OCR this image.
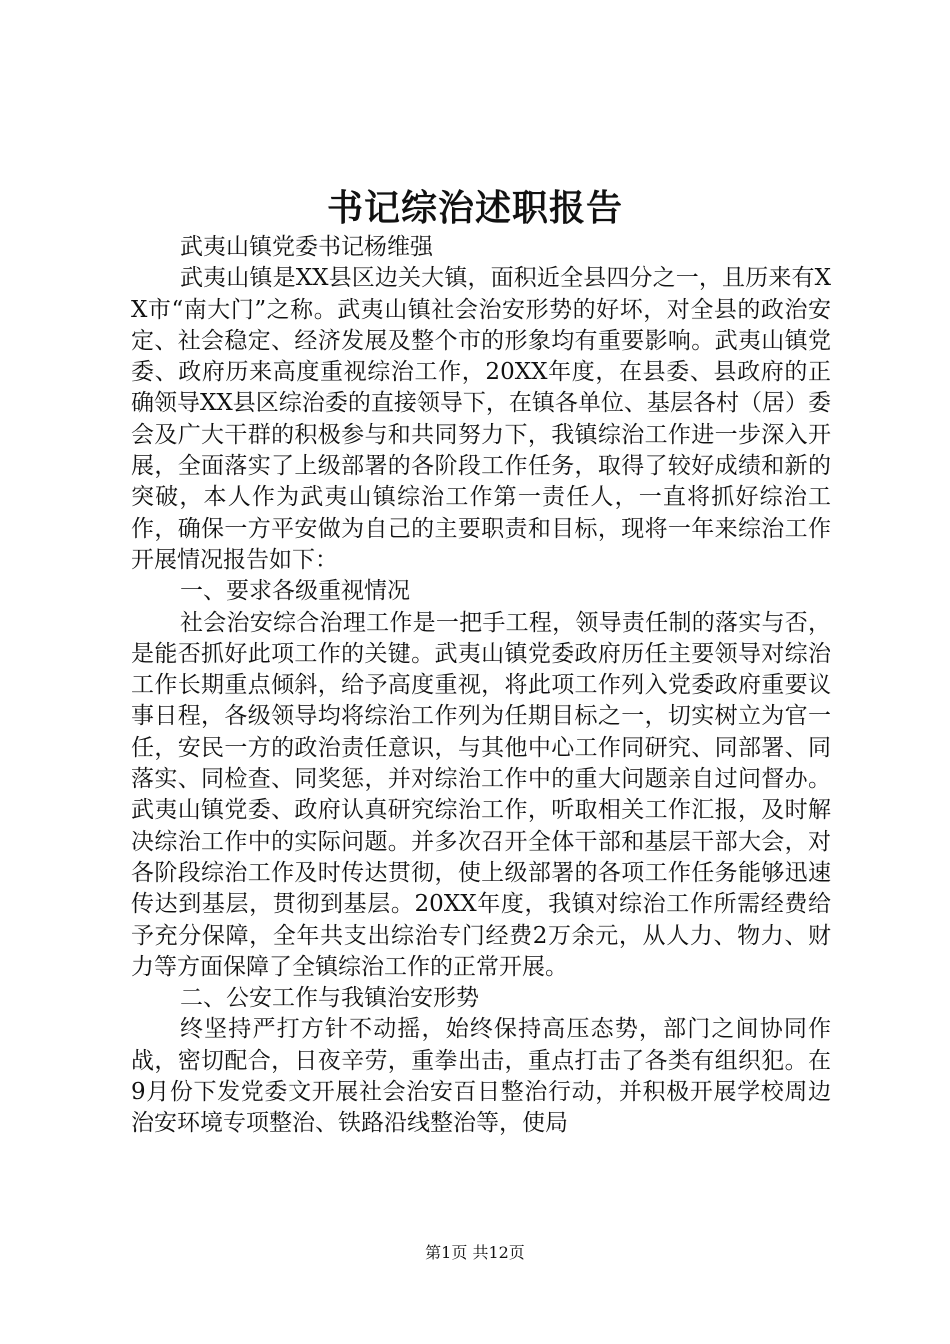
书记综治述职报告

武夷山镇党委书记杨维强

武夷山镇是XX县区边关大镇，面积近全县四分之一，且历来有XX市“南大门”之称。武夷山镇社会治安形势的好坏，对全县的政治安定、社会稳定、经济发展及整个市的形象均有重要影响。武夷山镇党委、政府历来高度重视综治工作，20XX年度，在县委、县政府的正确领导XX县区综治委的直接领导下，在镇各单位、基层各村（居）委会及广大干群的积极参与和共同努力下，我镇综治工作进一步深入开展，全面落实了上级部署的各阶段工作任务，取得了较好成绩和新的突破，本人作为武夷山镇综治工作第一责任人，一直将抓好综治工作，确保一方平安做为自己的主要职责和目标，现将一年来综治工作开展情况报告如下：

一、要求各级重视情况

社会治安综合治理工作是一把手工程，领导责任制的落实与否，是能否抓好此项工作的关键。武夷山镇党委政府历任主要领导对综治工作长期重点倾斜，给予高度重视，将此项工作列入党委政府重要议事日程，各级领导均将综治工作列为任期目标之一，切实树立为官一任，安民一方的政治责任意识，与其他中心工作同研究、同部署、同落实、同检查、同奖惩，并对综治工作中的重大问题亲自过问督办。武夷山镇党委、政府认真研究综治工作，听取相关工作汇报，及时解决综治工作中的实际问题。并多次召开全体干部和基层干部大会，对各阶段综治工作及时传达贯彻，使上级部署的各项工作任务能够迅速传达到基层，贯彻到基层。20XX年度，我镇对综治工作所需经费给予充分保障，全年共支出综治专门经费2万余元，从人力、物力、财力等方面保障了全镇综治工作的正常开展。

二、公安工作与我镇治安形势

终坚持严打方针不动摇，始终保持高压态势，部门之间协同作战，密切配合，日夜辛劳，重拳出击，重点打击了各类有组织犯。在9月份下发党委文开展社会治安百日整治行动，并积极开展学校周边治安环境专项整治、铁路沿线整治等，使局

第1页 共12页
